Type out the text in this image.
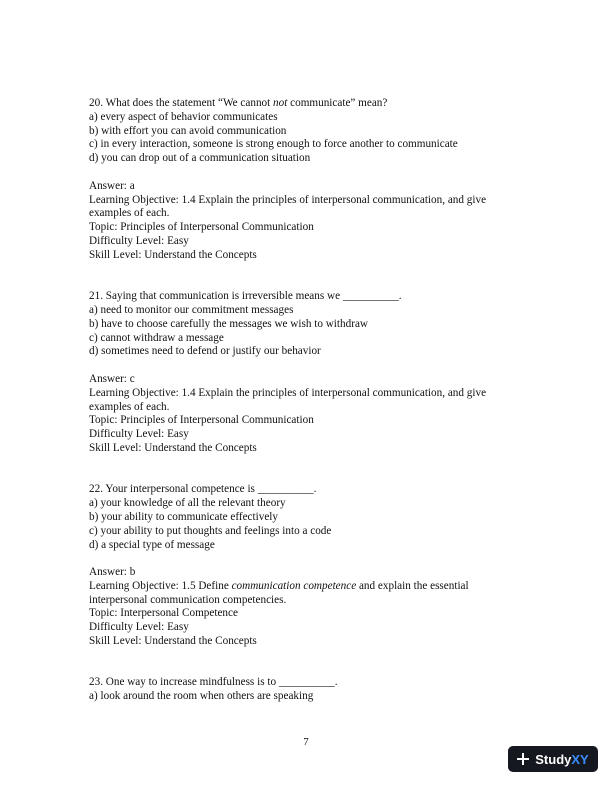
20. What does the statement “We cannot not communicate” mean?
a) every aspect of behavior communicates
b) with effort you can avoid communication
c) in every interaction, someone is strong enough to force another to communicate
d) you can drop out of a communication situation
Answer: a
Learning Objective: 1.4 Explain the principles of interpersonal communication, and give examples of each.
Topic: Principles of Interpersonal Communication
Difficulty Level: Easy
Skill Level: Understand the Concepts
21. Saying that communication is irreversible means we __________.
a) need to monitor our commitment messages
b) have to choose carefully the messages we wish to withdraw
c) cannot withdraw a message
d) sometimes need to defend or justify our behavior
Answer: c
Learning Objective: 1.4 Explain the principles of interpersonal communication, and give examples of each.
Topic: Principles of Interpersonal Communication
Difficulty Level: Easy
Skill Level: Understand the Concepts
22. Your interpersonal competence is __________.
a) your knowledge of all the relevant theory
b) your ability to communicate effectively
c) your ability to put thoughts and feelings into a code
d) a special type of message
Answer: b
Learning Objective: 1.5 Define communication competence and explain the essential interpersonal communication competencies.
Topic: Interpersonal Competence
Difficulty Level: Easy
Skill Level: Understand the Concepts
23. One way to increase mindfulness is to __________.
a) look around the room when others are speaking
7
StudyXY
